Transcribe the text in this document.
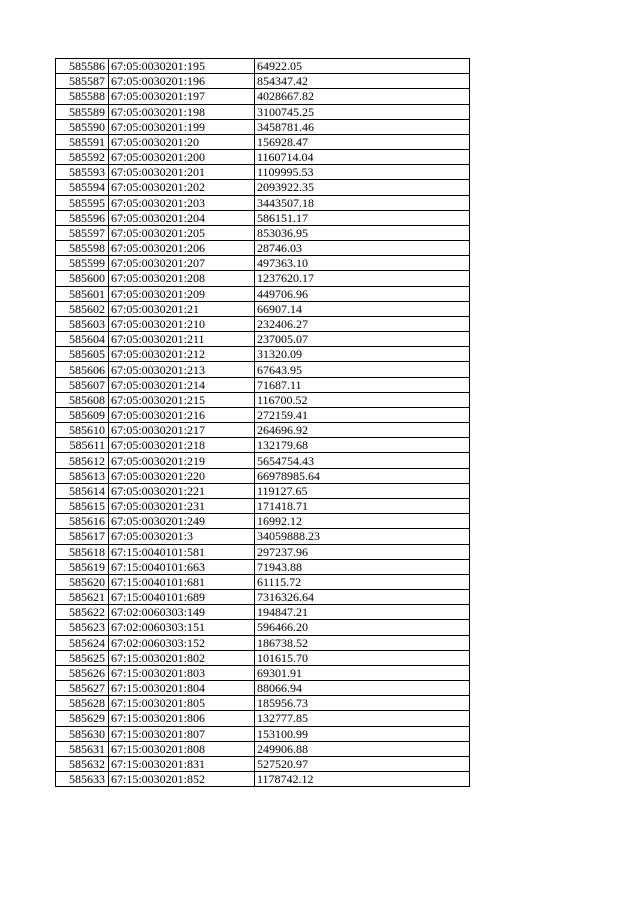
585586	67:05:0030201:195	64922.05
585587	67:05:0030201:196	854347.42
585588	67:05:0030201:197	4028667.82
585589	67:05:0030201:198	3100745.25
585590	67:05:0030201:199	3458781.46
585591	67:05:0030201:20	156928.47
585592	67:05:0030201:200	1160714.04
585593	67:05:0030201:201	1109995.53
585594	67:05:0030201:202	2093922.35
585595	67:05:0030201:203	3443507.18
585596	67:05:0030201:204	586151.17
585597	67:05:0030201:205	853036.95
585598	67:05:0030201:206	28746.03
585599	67:05:0030201:207	497363.10
585600	67:05:0030201:208	1237620.17
585601	67:05:0030201:209	449706.96
585602	67:05:0030201:21	66907.14
585603	67:05:0030201:210	232406.27
585604	67:05:0030201:211	237005.07
585605	67:05:0030201:212	31320.09
585606	67:05:0030201:213	67643.95
585607	67:05:0030201:214	71687.11
585608	67:05:0030201:215	116700.52
585609	67:05:0030201:216	272159.41
585610	67:05:0030201:217	264696.92
585611	67:05:0030201:218	132179.68
585612	67:05:0030201:219	5654754.43
585613	67:05:0030201:220	66978985.64
585614	67:05:0030201:221	119127.65
585615	67:05:0030201:231	171418.71
585616	67:05:0030201:249	16992.12
585617	67:05:0030201:3	34059888.23
585618	67:15:0040101:581	297237.96
585619	67:15:0040101:663	71943.88
585620	67:15:0040101:681	61115.72
585621	67:15:0040101:689	7316326.64
585622	67:02:0060303:149	194847.21
585623	67:02:0060303:151	596466.20
585624	67:02:0060303:152	186738.52
585625	67:15:0030201:802	101615.70
585626	67:15:0030201:803	69301.91
585627	67:15:0030201:804	88066.94
585628	67:15:0030201:805	185956.73
585629	67:15:0030201:806	132777.85
585630	67:15:0030201:807	153100.99
585631	67:15:0030201:808	249906.88
585632	67:15:0030201:831	527520.97
585633	67:15:0030201:852	1178742.12
